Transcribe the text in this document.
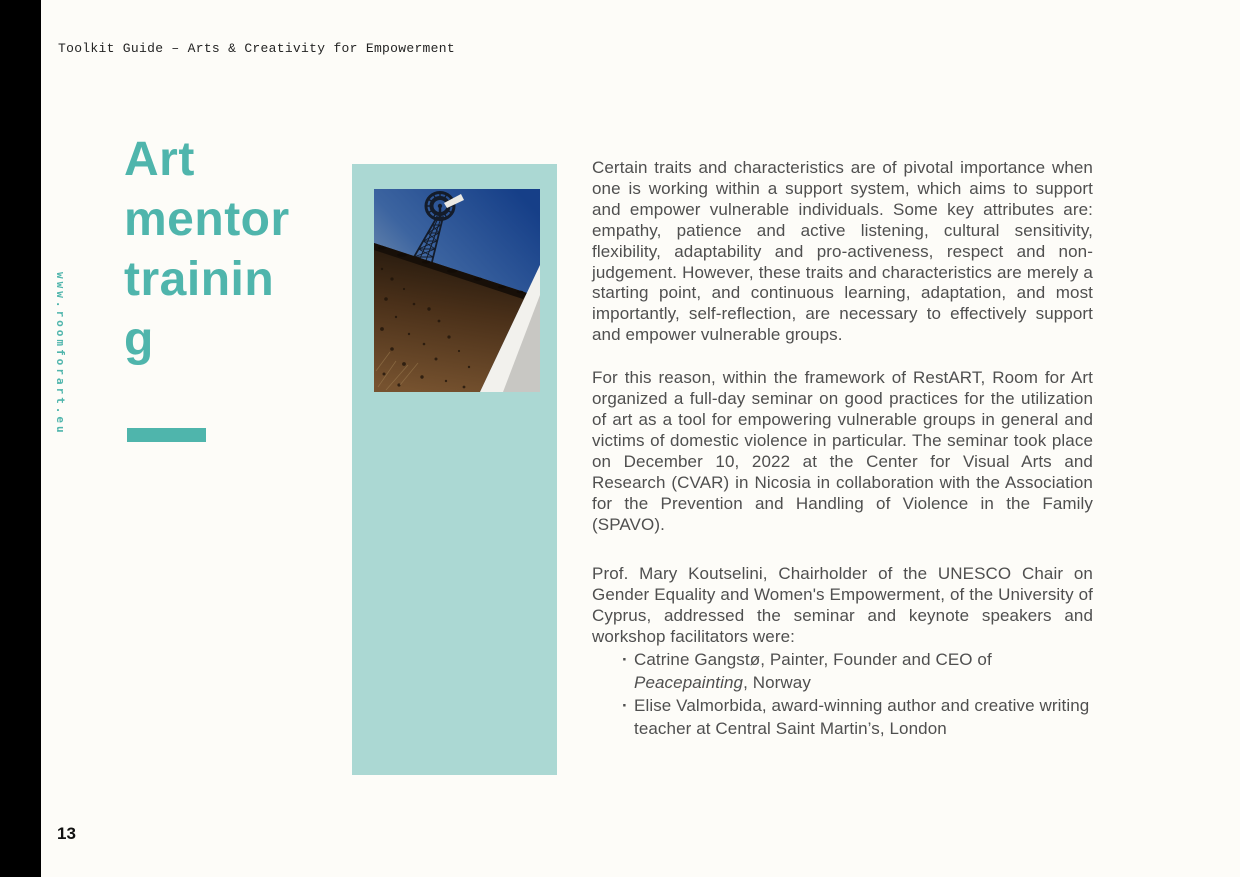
Toolkit Guide – Arts & Creativity for Empowerment
www.roomforart.eu
Art
mentor
trainin
g

Certain traits and characteristics are of pivotal importance when one is working within a support system, which aims to support and empower vulnerable individuals. Some key attributes are: empathy, patience and active listening, cultural sensitivity, flexibility, adaptability and pro-activeness, respect and non-judgement. However, these traits and characteristics are merely a starting point, and continuous learning, adaptation, and most importantly, self-reflection, are necessary to effectively support and empower vulnerable groups.

For this reason, within the framework of RestART, Room for Art organized a full-day seminar on good practices for the utilization of art as a tool for empowering vulnerable groups in general and victims of domestic violence in particular. The seminar took place on December 10, 2022 at the Center for Visual Arts and Research (CVAR) in Nicosia in collaboration with the Association for the Prevention and Handling of Violence in the Family (SPAVO).

Prof. Mary Koutselini, Chairholder of the UNESCO Chair on Gender Equality and Women's Empowerment, of the University of Cyprus, addressed the seminar and keynote speakers and workshop facilitators were:

· Catrine Gangstø, Painter, Founder and CEO of Peacepainting, Norway
· Elise Valmorbida, award-winning author and creative writing teacher at Central Saint Martin’s, London
13
